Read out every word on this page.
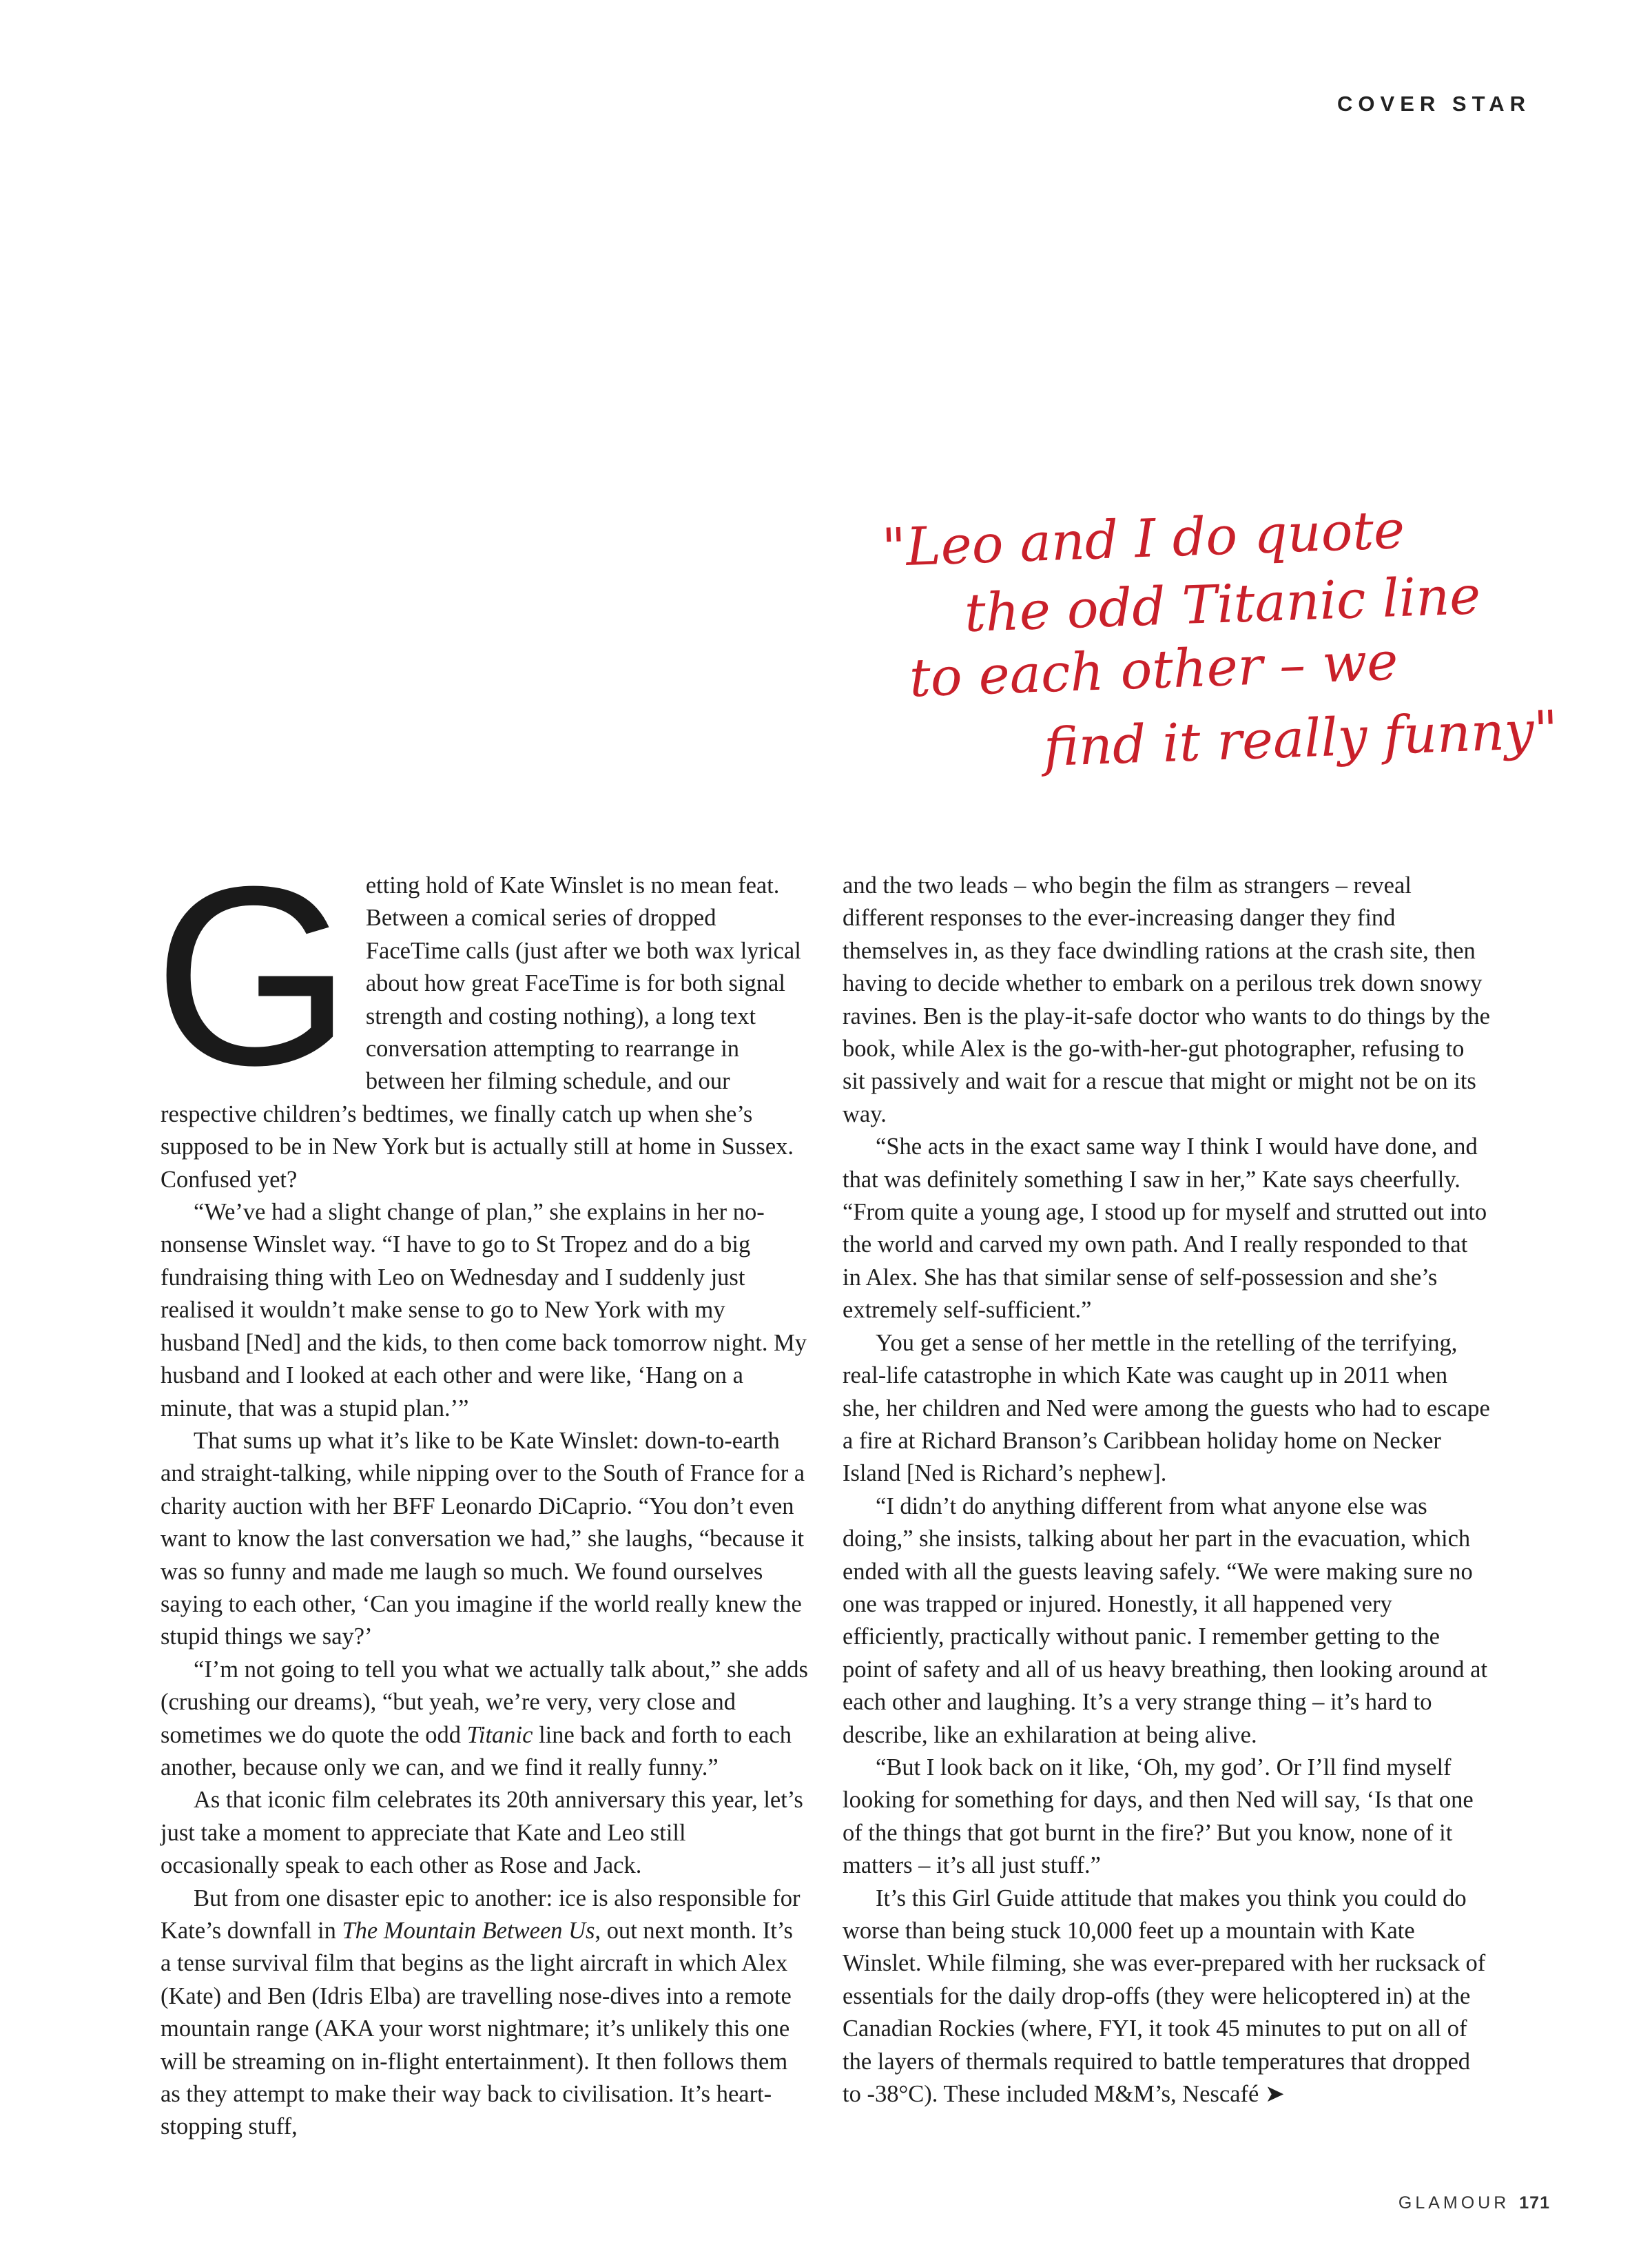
COVER STAR
"Leo and I do quote
the odd Titanic line
to each other – we
find it really funny"

Getting hold of Kate Winslet is no mean feat. Between a comical series of dropped FaceTime calls (just after we both wax lyrical about how great FaceTime is for both signal strength and costing nothing), a long text conversation attempting to rearrange in between her filming schedule, and our respective children’s bedtimes, we finally catch up when she’s supposed to be in New York but is actually still at home in Sussex. Confused yet?

“We’ve had a slight change of plan,” she explains in her no-nonsense Winslet way. “I have to go to St Tropez and do a big fundraising thing with Leo on Wednesday and I suddenly just realised it wouldn’t make sense to go to New York with my husband [Ned] and the kids, to then come back tomorrow night. My husband and I looked at each other and were like, ‘Hang on a minute, that was a stupid plan.’”

That sums up what it’s like to be Kate Winslet: down-to-earth and straight-talking, while nipping over to the South of France for a charity auction with her BFF Leonardo DiCaprio. “You don’t even want to know the last conversation we had,” she laughs, “because it was so funny and made me laugh so much. We found ourselves saying to each other, ‘Can you imagine if the world really knew the stupid things we say?’

“I’m not going to tell you what we actually talk about,” she adds (crushing our dreams), “but yeah, we’re very, very close and sometimes we do quote the odd Titanic line back and forth to each another, because only we can, and we find it really funny.”

As that iconic film celebrates its 20th anniversary this year, let’s just take a moment to appreciate that Kate and Leo still occasionally speak to each other as Rose and Jack.

But from one disaster epic to another: ice is also responsible for Kate’s downfall in The Mountain Between Us, out next month. It’s a tense survival film that begins as the light aircraft in which Alex (Kate) and Ben (Idris Elba) are travelling nose-dives into a remote mountain range (AKA your worst nightmare; it’s unlikely this one will be streaming on in-flight entertainment). It then follows them as they attempt to make their way back to civilisation. It’s heart-stopping stuff,

and the two leads – who begin the film as strangers – reveal different responses to the ever-increasing danger they find themselves in, as they face dwindling rations at the crash site, then having to decide whether to embark on a perilous trek down snowy ravines. Ben is the play-it-safe doctor who wants to do things by the book, while Alex is the go-with-her-gut photographer, refusing to sit passively and wait for a rescue that might or might not be on its way.

“She acts in the exact same way I think I would have done, and that was definitely something I saw in her,” Kate says cheerfully. “From quite a young age, I stood up for myself and strutted out into the world and carved my own path. And I really responded to that in Alex. She has that similar sense of self-possession and she’s extremely self-sufficient.”

You get a sense of her mettle in the retelling of the terrifying, real-life catastrophe in which Kate was caught up in 2011 when she, her children and Ned were among the guests who had to escape a fire at Richard Branson’s Caribbean holiday home on Necker Island [Ned is Richard’s nephew].

“I didn’t do anything different from what anyone else was doing,” she insists, talking about her part in the evacuation, which ended with all the guests leaving safely. “We were making sure no one was trapped or injured. Honestly, it all happened very efficiently, practically without panic. I remember getting to the point of safety and all of us heavy breathing, then looking around at each other and laughing. It’s a very strange thing – it’s hard to describe, like an exhilaration at being alive.

“But I look back on it like, ‘Oh, my god’. Or I’ll find myself looking for something for days, and then Ned will say, ‘Is that one of the things that got burnt in the fire?’ But you know, none of it matters – it’s all just stuff.”

It’s this Girl Guide attitude that makes you think you could do worse than being stuck 10,000 feet up a mountain with Kate Winslet. While filming, she was ever-prepared with her rucksack of essentials for the daily drop-offs (they were helicoptered in) at the Canadian Rockies (where, FYI, it took 45 minutes to put on all of the layers of thermals required to battle temperatures that dropped to -38°C). These included M&M’s, Nescafé ➤

GLAMOUR 171
